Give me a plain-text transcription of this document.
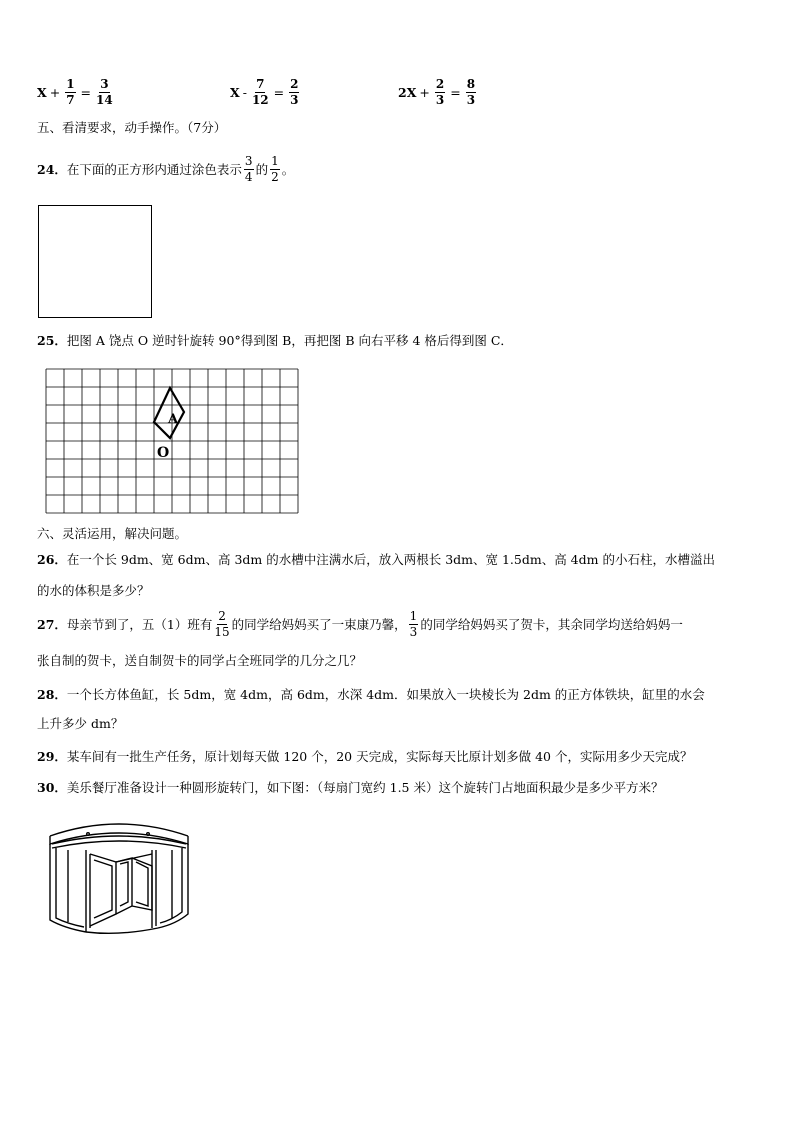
$X + \frac{1}{7} = \frac{3}{14}$	$X - \frac{7}{12} = \frac{2}{3}$	$2X + \frac{2}{3} = \frac{8}{3}$
五、看清要求，动手操作。（7分）
24． 在下面的正方形内通过涂色表示 $\frac{3}{4}$ 的 $\frac{1}{2}$ 。
25．把图 A 饶点 O 逆时针旋转 90°得到图 B，再把图 B 向右平移 4 格后得到图 C．
A
O
六、灵活运用，解决问题。
26．在一个长 9dm、宽 6dm、高 3dm 的水槽中注满水后，放入两根长 3dm、宽 1.5dm、高 4dm 的小石柱，水槽溢出
的水的体积是多少？
27． 母亲节到了，五（1）班有 $\frac{2}{15}$ 的同学给妈妈买了一束康乃馨， $\frac{1}{3}$ 的同学给妈妈买了贺卡，其余同学均送给妈妈一
张自制的贺卡，送自制贺卡的同学占全班同学的几分之几？
28．一个长方体鱼缸，长 5dm，宽 4dm，高 6dm，水深 4dm．如果放入一块棱长为 2dm 的正方体铁块，缸里的水会
上升多少 dm？
29．某车间有一批生产任务，原计划每天做 120 个，20 天完成，实际每天比原计划多做 40 个，实际用多少天完成？
30．美乐餐厅准备设计一种圆形旋转门，如下图：（每扇门宽约 1.5 米）这个旋转门占地面积最少是多少平方米？
